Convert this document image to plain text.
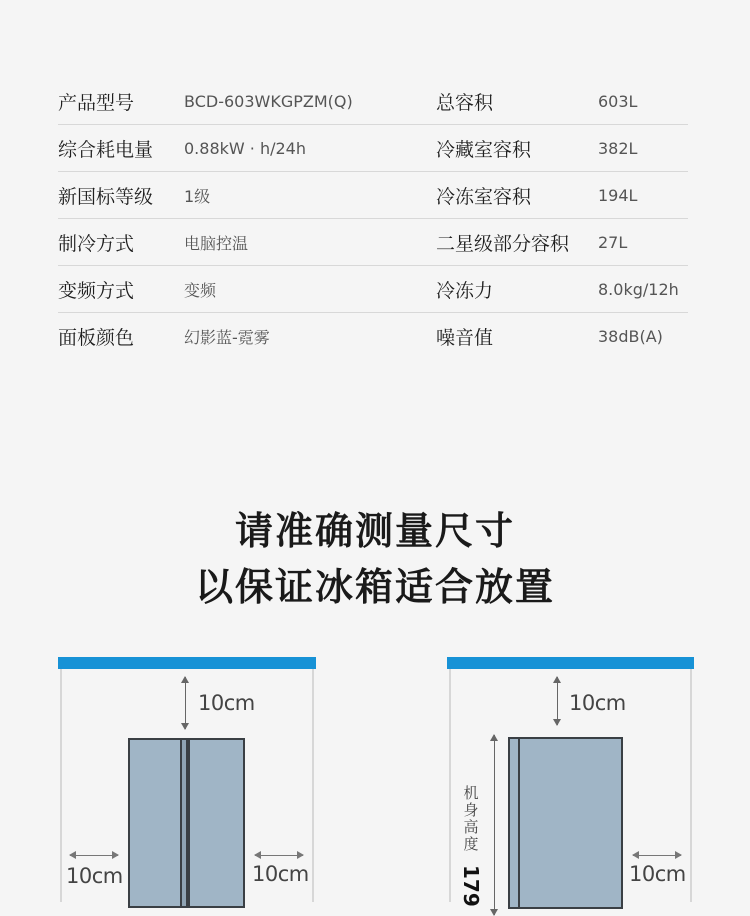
产品型号	BCD-603WKGPZM(Q)	总容积	603L
综合耗电量	0.88kW · h/24h	冷藏室容积	382L
新国标等级	1级	冷冻室容积	194L
制冷方式	电脑控温	二星级部分容积	27L
变频方式	变频	冷冻力	8.0kg/12h
面板颜色	幻影蓝-霓雾	噪音值	38dB(A)
请准确测量尺寸
以保证冰箱适合放置
10cm
10cm	10cm
10cm
机身高度
179	10cm
